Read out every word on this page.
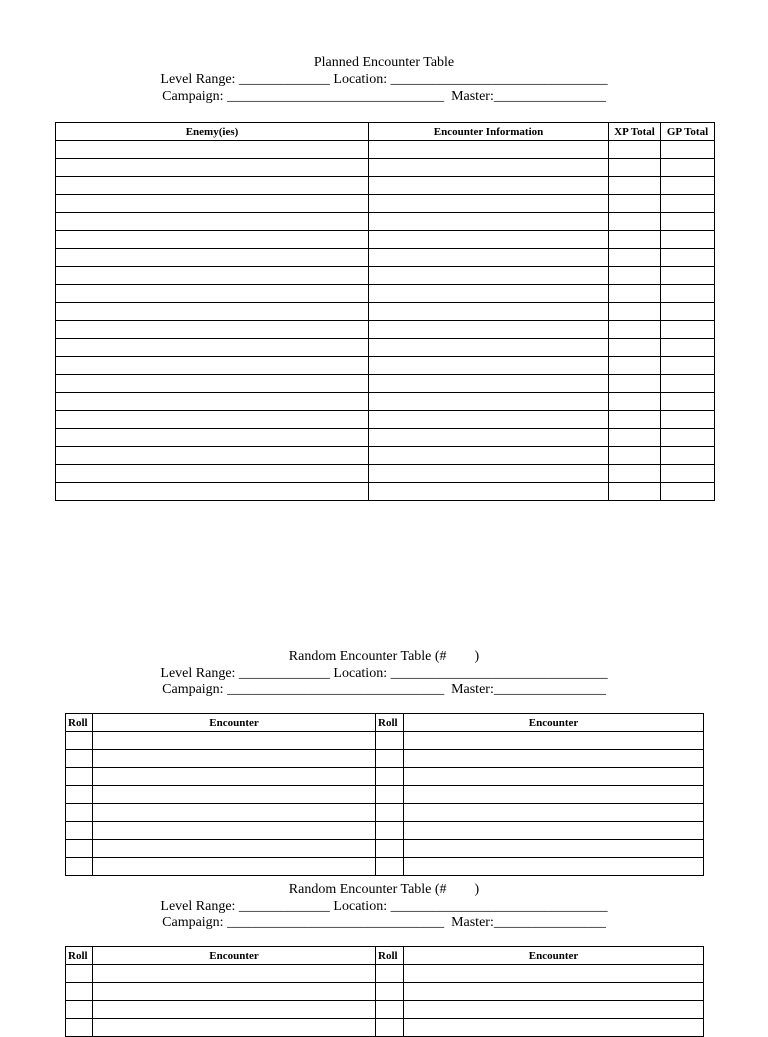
Planned Encounter Table
Level Range: _____________ Location: _______________________________
Campaign: _______________________________  Master:________________
Enemy(ies)	Encounter Information	XP Total	GP Total

Random Encounter Table (#        )
Level Range: _____________ Location: _______________________________
Campaign: _______________________________  Master:________________
Roll	Encounter	Roll	Encounter

Random Encounter Table (#        )
Level Range: _____________ Location: _______________________________
Campaign: _______________________________  Master:________________
Roll	Encounter	Roll	Encounter
